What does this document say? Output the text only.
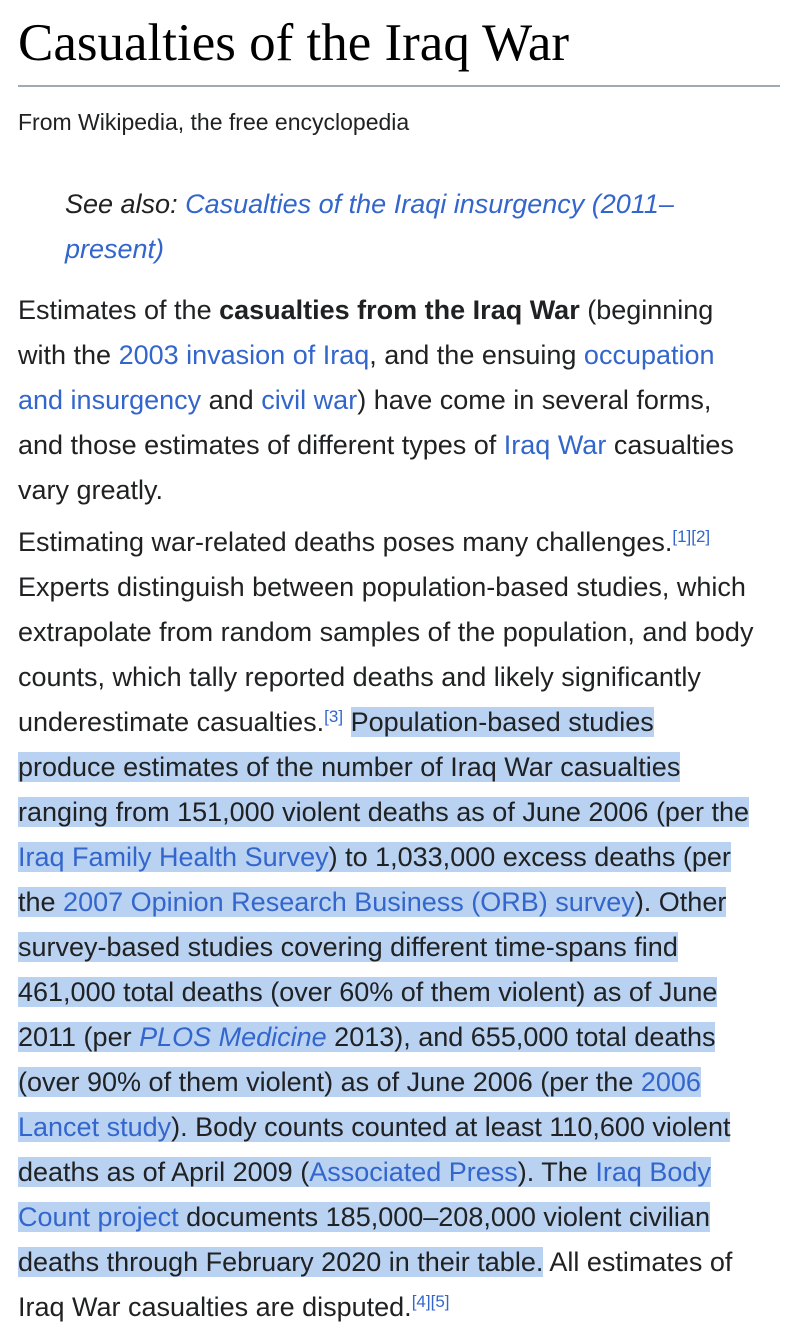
Casualties of the Iraq War
From Wikipedia, the free encyclopedia
See also: Casualties of the Iraqi insurgency (2011–
present)
Estimates of the casualties from the Iraq War (beginning
with the 2003 invasion of Iraq, and the ensuing occupation
and insurgency and civil war) have come in several forms,
and those estimates of different types of Iraq War casualties
vary greatly.
Estimating war-related deaths poses many challenges.[1][2]
Experts distinguish between population-based studies, which
extrapolate from random samples of the population, and body
counts, which tally reported deaths and likely significantly
underestimate casualties.[3] Population-based studies
produce estimates of the number of Iraq War casualties
ranging from 151,000 violent deaths as of June 2006 (per the
Iraq Family Health Survey) to 1,033,000 excess deaths (per
the 2007 Opinion Research Business (ORB) survey). Other
survey-based studies covering different time-spans find
461,000 total deaths (over 60% of them violent) as of June
2011 (per PLOS Medicine 2013), and 655,000 total deaths
(over 90% of them violent) as of June 2006 (per the 2006
Lancet study). Body counts counted at least 110,600 violent
deaths as of April 2009 (Associated Press). The Iraq Body
Count project documents 185,000–208,000 violent civilian
deaths through February 2020 in their table. All estimates of
Iraq War casualties are disputed.[4][5]
